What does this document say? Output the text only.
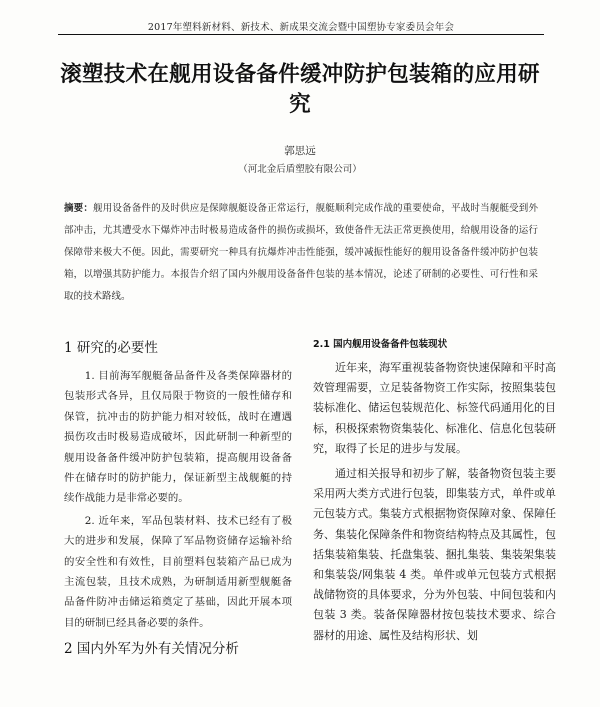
2017年塑料新材料、新技术、新成果交流会暨中国塑协专家委员会年会
滚塑技术在舰用设备备件缓冲防护包装箱的应用研究
郭思远
（河北金后盾塑胶有限公司）
摘要：舰用设备备件的及时供应是保障舰艇设备正常运行，舰艇顺利完成作战的重要使命，平战时当舰艇受到外部冲击，尤其遭受水下爆炸冲击时极易造成备件的损伤或损坏，致使备件无法正常更换使用，给舰用设备的运行保障带来极大不便。因此，需要研究一种具有抗爆炸冲击性能强，缓冲减振性能好的舰用设备备件缓冲防护包装箱，以增强其防护能力。本报告介绍了国内外舰用设备备件包装的基本情况，论述了研制的必要性、可行性和采取的技术路线。
1 研究的必要性

1. 目前海军舰艇备品备件及各类保障器材的包装形式各异，且仅局限于物资的一般性储存和保管，抗冲击的防护能力相对较低，战时在遭遇损伤攻击时极易造成破坏，因此研制一种新型的舰用设备备件缓冲防护包装箱，提高舰用设备备件在储存时的防护能力，保证新型主战舰艇的持续作战能力是非常必要的。

2. 近年来，军品包装材料、技术已经有了极大的进步和发展，保障了军品物资储存运输补给的安全性和有效性，目前塑料包装箱产品已成为主流包装，且技术成熟，为研制适用新型舰艇备品备件防冲击储运箱奠定了基础，因此开展本项目的研制已经具备必要的条件。

2 国内外军为外有关情况分析
2.1 国内舰用设备备件包装现状

近年来，海军重视装备物资快速保障和平时高效管理需要，立足装备物资工作实际，按照集装包装标准化、储运包装规范化、标签代码通用化的目标，积极探索物资集装化、标准化、信息化包装研究，取得了长足的进步与发展。

通过相关报导和初步了解，装备物资包装主要采用两大类方式进行包装，即集装方式，单件或单元包装方式。集装方式根据物资保障对象、保障任务、集装化保障条件和物资结构特点及其属性，包括集装箱集装、托盘集装、捆扎集装、集装架集装和集装袋/网集装 4 类。单件或单元包装方式根据战储物资的具体要求，分为外包装、中间包装和内包装 3 类。装备保障器材按包装技术要求、综合器材的用途、属性及结构形状、划
